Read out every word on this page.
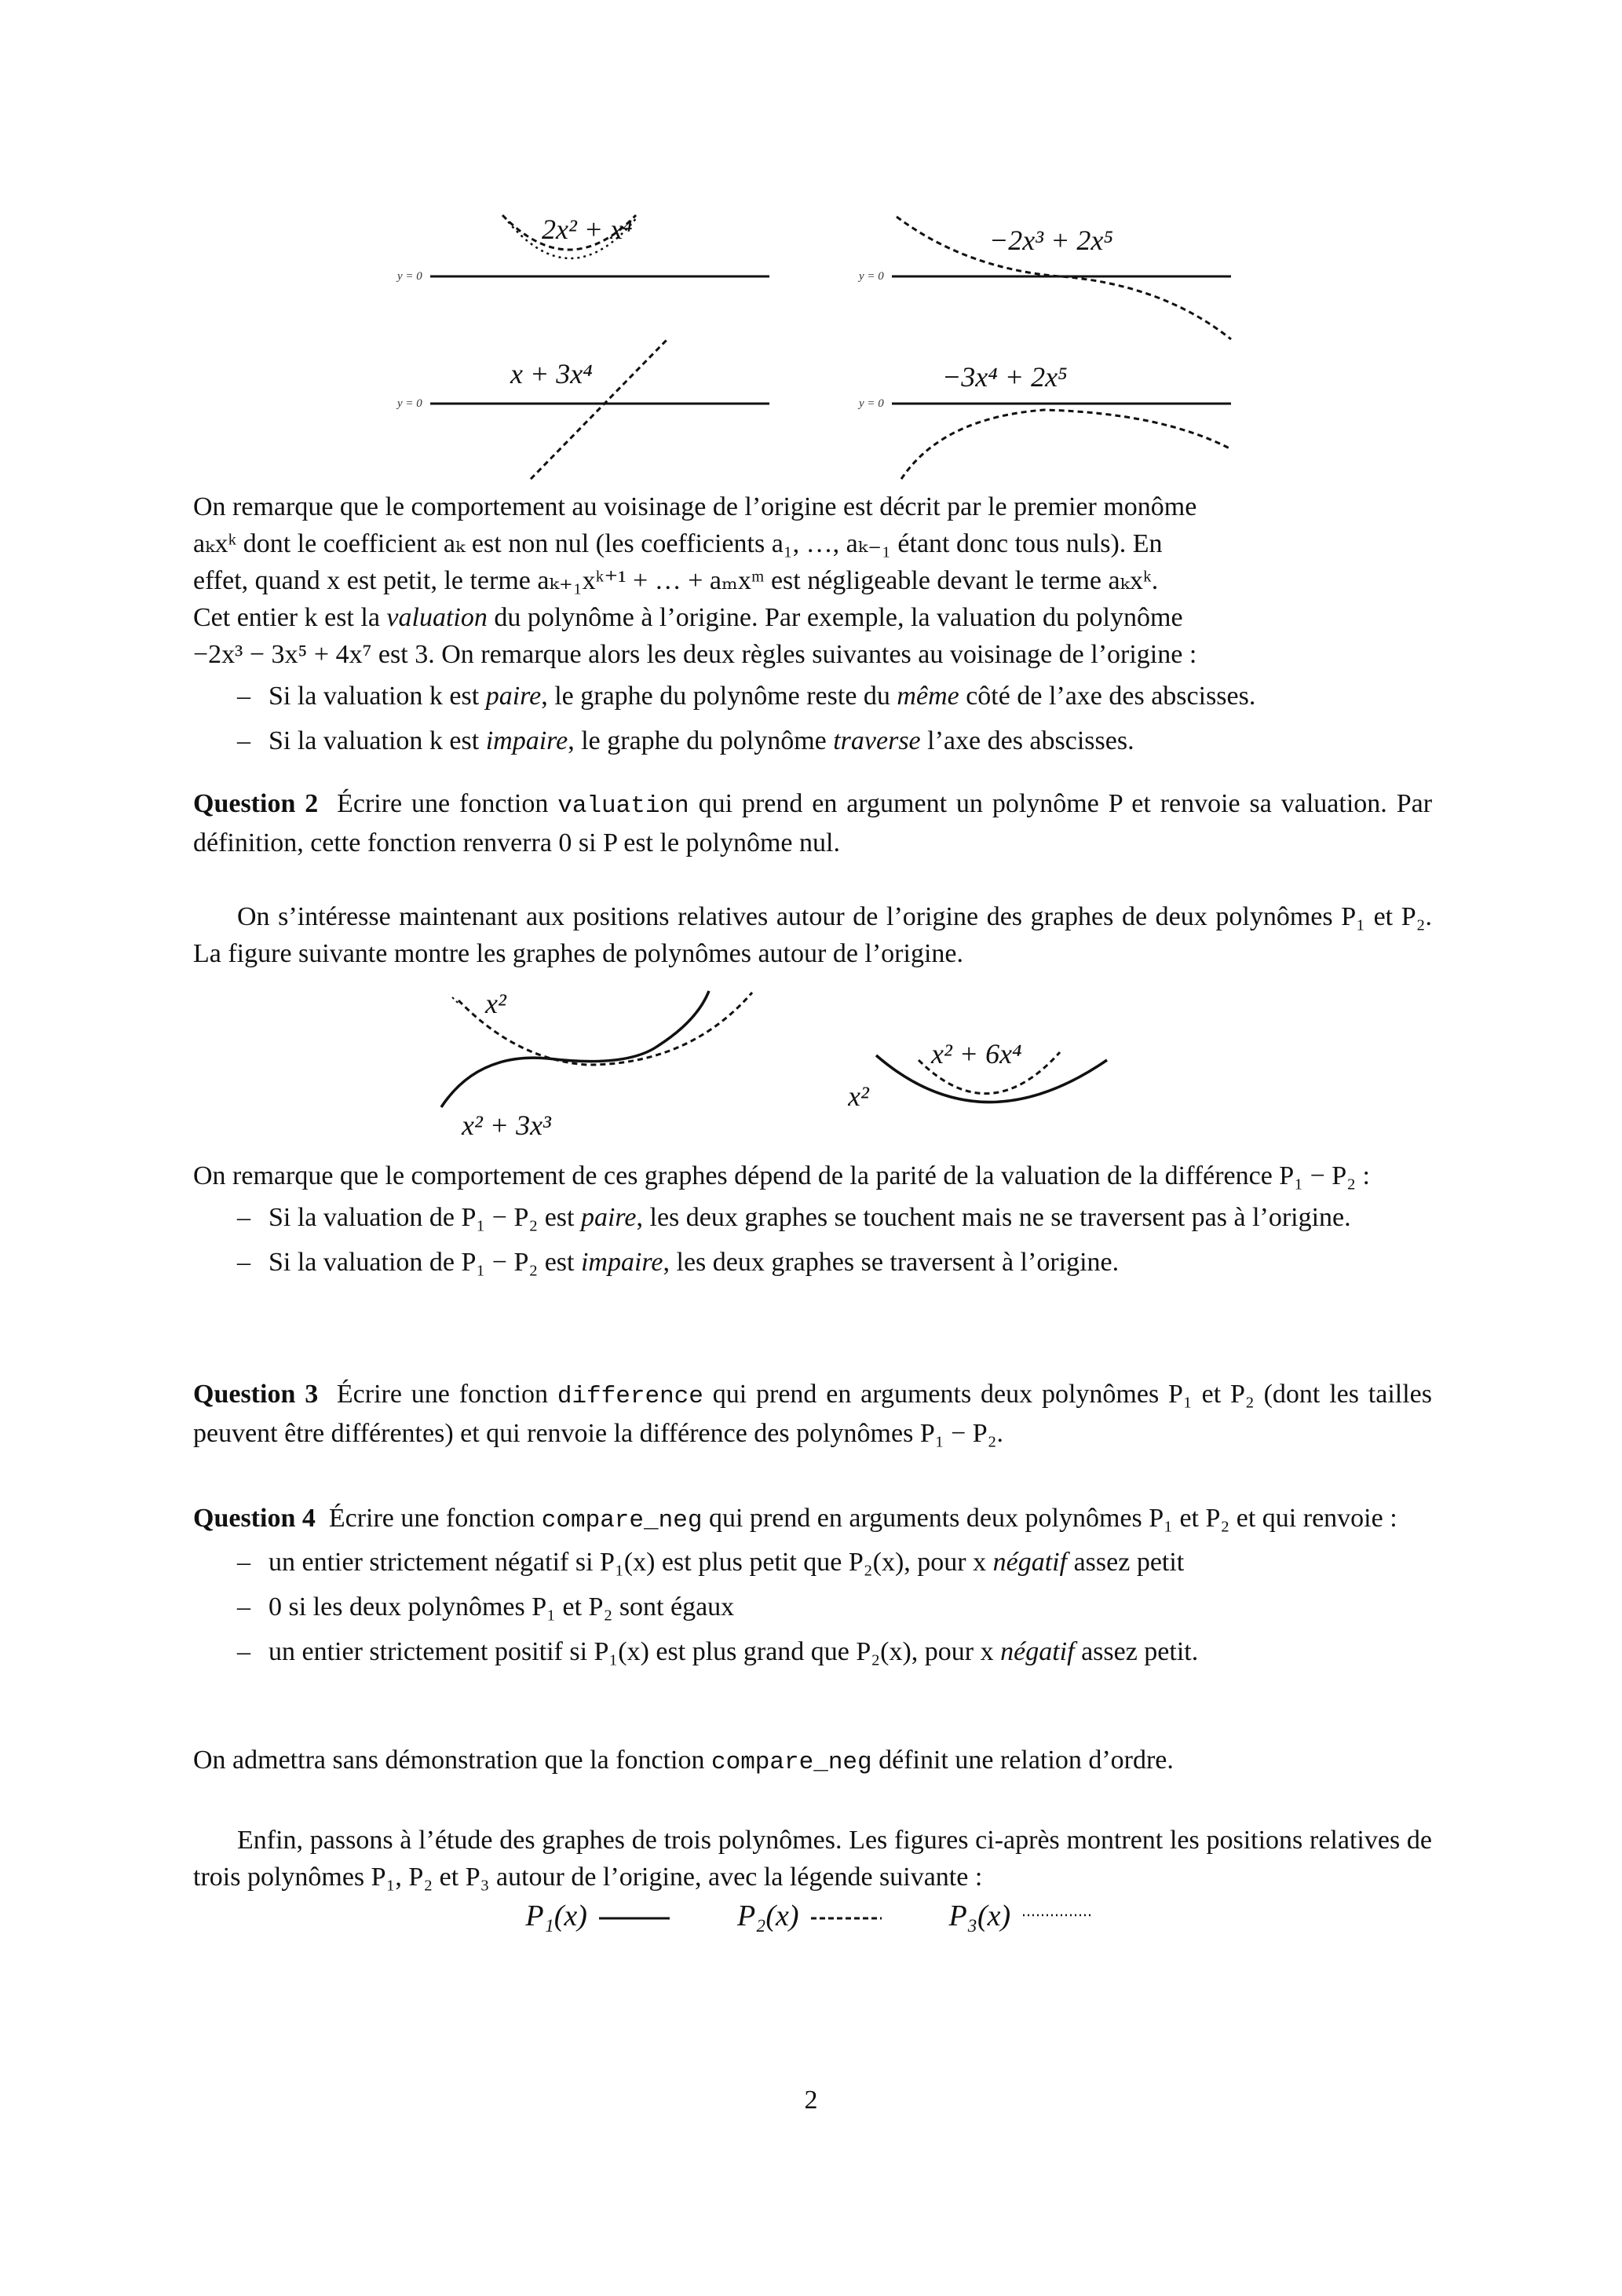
y = 0
2x² + x⁴
y = 0
−2x³ + 2x⁵
y = 0
x + 3x⁴
y = 0
−3x⁴ + 2x⁵

On remarque que le comportement au voisinage de l’origine est décrit par le premier monôme

aₖxᵏ dont le coefficient aₖ est non nul (les coefficients a₁, …, aₖ₋₁ étant donc tous nuls). En

effet, quand x est petit, le terme aₖ₊₁xᵏ⁺¹ + … + aₘxᵐ est négligeable devant le terme aₖxᵏ.

Cet entier k est la valuation du polynôme à l’origine. Par exemple, la valuation du polynôme

−2x³ − 3x⁵ + 4x⁷ est 3. On remarque alors les deux règles suivantes au voisinage de l’origine :

– Si la valuation k est paire, le graphe du polynôme reste du même côté de l’axe des abscisses.
– Si la valuation k est impaire, le graphe du polynôme traverse l’axe des abscisses.

Question 2 Écrire une fonction valuation qui prend en argument un polynôme P et renvoie sa valuation. Par définition, cette fonction renverra 0 si P est le polynôme nul.

On s’intéresse maintenant aux positions relatives autour de l’origine des graphes de deux polynômes P₁ et P₂. La figure suivante montre les graphes de polynômes autour de l’origine.

x²
x² + 3x³
x² + 6x⁴
x²

On remarque que le comportement de ces graphes dépend de la parité de la valuation de la différence P₁ − P₂ :

– Si la valuation de P₁ − P₂ est paire, les deux graphes se touchent mais ne se traversent pas à l’origine.
– Si la valuation de P₁ − P₂ est impaire, les deux graphes se traversent à l’origine.

Question 3 Écrire une fonction difference qui prend en arguments deux polynômes P₁ et P₂ (dont les tailles peuvent être différentes) et qui renvoie la différence des polynômes P₁ − P₂.

Question 4 Écrire une fonction compare_neg qui prend en arguments deux polynômes P₁ et P₂ et qui renvoie :

– un entier strictement négatif si P₁(x) est plus petit que P₂(x), pour x négatif assez petit
– 0 si les deux polynômes P₁ et P₂ sont égaux
– un entier strictement positif si P₁(x) est plus grand que P₂(x), pour x négatif assez petit.

On admettra sans démonstration que la fonction compare_neg définit une relation d’ordre.

Enfin, passons à l’étude des graphes de trois polynômes. Les figures ci-après montrent les positions relatives de trois polynômes P₁, P₂ et P₃ autour de l’origine, avec la légende suivante :

P₁(x)	P₂(x)	P₃(x)
2
